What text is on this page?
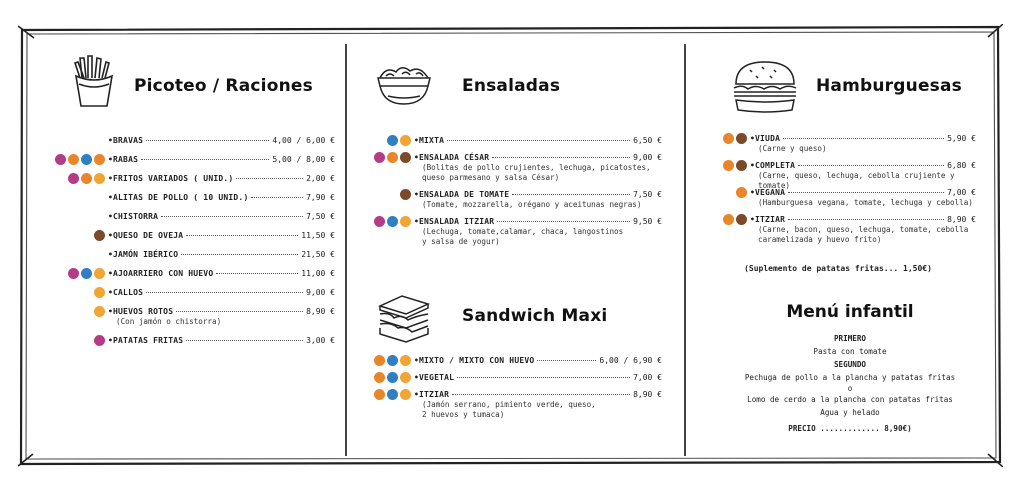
Picoteo / Raciones
•BRAVAS	4,00 / 6,00 €
•RABAS	5,00 / 8,00 €
•FRITOS VARIADOS ( UNID.)	2,00 €
•ALITAS DE POLLO ( 10 UNID.)	7,90 €
•CHISTORRA	7,50 €
•QUESO DE OVEJA	11,50 €
•JAMÓN IBÉRICO	21,50 €
•AJOARRIERO CON HUEVO	11,00 €
•CALLOS	9,00 €
•HUEVOS ROTOS	8,90 €
(Con jamón o chistorra)
•PATATAS FRITAS	3,00 €
Ensaladas
•MIXTA	6,50 €
•ENSALADA CÉSAR	9,00 €
(Bolitas de pollo crujientes, lechuga, picatostes,
queso parmesano y salsa César)
•ENSALADA DE TOMATE	7,50 €
(Tomate, mozzarella, orégano y aceitunas negras)
•ENSALADA ITZIAR	9,50 €
(Lechuga, tomate,calamar, chaca, langostinos
y salsa de yogur)
Sandwich Maxi
•MIXTO / MIXTO CON HUEVO	6,00 / 6,90 €
•VEGETAL	7,00 €
•ITZIAR	8,90 €
(Jamón serrano, pimiento verde, queso,
2 huevos y tumaca)
Hamburguesas
•VIUDA	5,90 €
(Carne y queso)
•COMPLETA	6,80 €
(Carne, queso, lechuga, cebolla crujiente y tomate)
•VEGANA	7,00 €
(Hamburguesa vegana, tomate, lechuga y cebolla)
•ITZIAR	8,90 €
(Carne, bacon, queso, lechuga, tomate, cebolla
caramelizada y huevo frito)
(Suplemento de patatas fritas... 1,50€)
Menú infantil
PRIMERO
Pasta con tomate
SEGUNDO
Pechuga de pollo a la plancha y patatas fritas
o
Lomo de cerdo a la plancha con patatas fritas
Agua y helado
PRECIO ............. 8,90€)
